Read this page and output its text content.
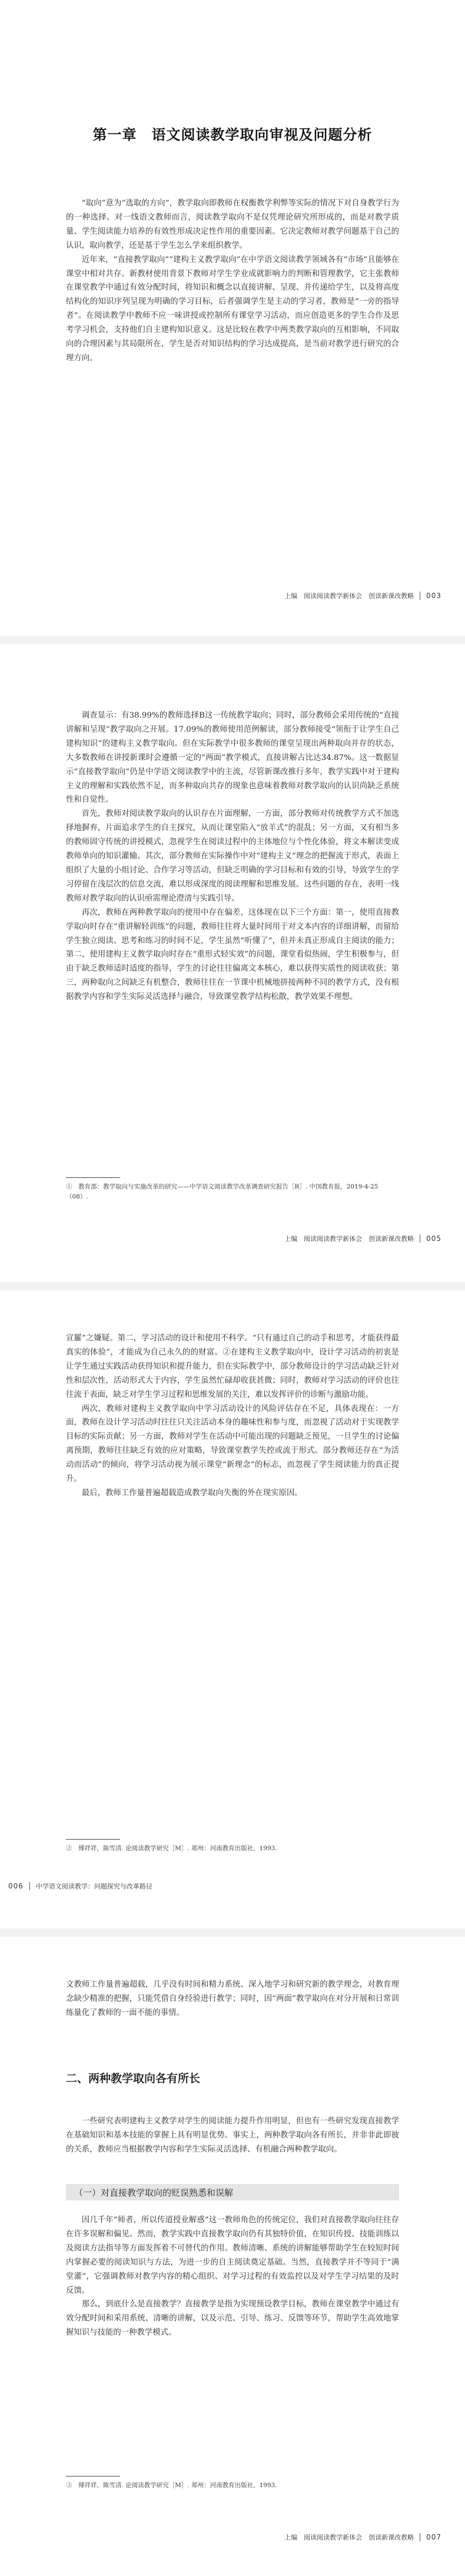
第一章　语文阅读教学取向审视及问题分析

“取向”意为“选取的方向”，教学取向即教师在权衡教学利弊等实际的情况下对自身教学行为的一种选择。对一线语文教师而言，阅读教学取向不是仅凭理论研究所形成的，而是对教学质量、学生阅读能力培养的有效性形成决定性作用的重要因素。它决定教师对教学问题基于自己的认识，取向教学，还是基于学生怎么学来组织教学。

近年来，“直接教学取向”“建构主义教学取向”在中学语文阅读教学领域各有“市场”且能够在课堂中相对共存。新教材使用背景下教师对学生学业成就影响力的判断和管理教学，它主张教师在课堂教学中通过有效分配时间，将知识和概念以直接讲解、呈现、并传递给学生，以及将高度结构化的知识序列呈现为明确的学习目标，后者强调学生是主动的学习者，教师是“一旁的指导者”。在阅读教学中教师不应一味讲授或控制所有课堂学习活动，而应创造更多的学生合作及思考学习机会，支持他们自主建构知识意义。这是比较在教学中两类教学取向的互相影响，不同取向的合理因素与其局限所在，学生是否对知识结构的学习达成提高，是当前对教学进行研究的合理方向。

上编　阅读阅读教学新体会　创读新课改教略 003

调查显示：有38.99%的教师选择B这一传统教学取向；同时，部分教师会采用传统的“直接讲解和呈现”教学取向之开展。17.09%的教师使用范例解读，部分教师接受“领衔于让学生自己建构知识”的建构主义教学取向。但在实际教学中很多教师的课堂呈现出两种取向并存的状态，大多数教师在讲授新课时会遵循一定的“两面”教学模式，直接讲解占比达34.87%。这一数据显示“直接教学取向”仍是中学语文阅读教学中的主流，尽管新课改推行多年，教学实践中对于建构主义的理解和实践依然不足，而多种取向共存的现象也意味着教师对教学取向的认识尚缺乏系统性和自觉性。

首先，教师对阅读教学取向的认识存在片面理解，一方面，部分教师对传统教学方式不加选择地摒弃，片面追求学生的自主探究，从而让课堂陷入“放羊式”的混乱；另一方面，又有相当多的教师固守传统的讲授模式，忽视学生在阅读过程中的主体地位与个性化体验，将文本解读变成教师单向的知识灌输。其次，部分教师在实际操作中对“建构主义”理念的把握流于形式，表面上组织了大量的小组讨论、合作学习等活动，但缺乏明确的学习目标和有效的引导，导致学生的学习停留在浅层次的信息交流，难以形成深度的阅读理解和思维发展。这些问题的存在，表明一线教师对教学取向的认识亟需理论澄清与实践引导。

再次，教师在两种教学取向的使用中存在偏差，这体现在以下三个方面：第一，使用直接教学取向时存在“重讲解轻训练”的问题，教师往往将大量时间用于对文本内容的详细讲解，而留给学生独立阅读、思考和练习的时间不足，学生虽然“听懂了”，但并未真正形成自主阅读的能力；第二，使用建构主义教学取向时存在“重形式轻实效”的问题，课堂看似热闹，学生积极参与，但由于缺乏教师适时适度的指导，学生的讨论往往偏离文本核心，难以获得实质性的阅读收获；第三，两种取向之间缺乏有机整合，教师往往在一节课中机械地拼接两种不同的教学方式，没有根据教学内容和学生实际灵活选择与融合，导致课堂教学结构松散，教学效果不理想。

①　教育部：教学取向与实施改革的研究——中学语文阅读教学改革调查研究报告［R］. 中国教育报，2019-4-25（08）.
上编　阅读阅读教学新体会　创读新课改教略 005

宣羅”之嫌疑。第二，学习活动的设计和使用不科学。“只有通过自己的动手和思考，才能获得最真实的体验”，才能成为自己永久的的财富。②在建构主义教学取向中，设计学习活动的初衷是让学生通过实践活动获得知识和提升能力，但在实际教学中，部分教师设计的学习活动缺乏针对性和层次性，活动形式大于内容，学生虽然忙碌却收获甚微；同时，教师对学习活动的评价也往往流于表面，缺乏对学生学习过程和思维发展的关注，难以发挥评价的诊断与激励功能。

两次，教师对建构主义教学取向中学习活动设计的风险评估存在不足，具体表现在：一方面，教师在设计学习活动时往往只关注活动本身的趣味性和参与度，而忽视了活动对于实现教学目标的实际贡献；另一方面，教师对学生在活动中可能出现的问题缺乏预见，一旦学生的讨论偏离预期，教师往往缺乏有效的应对策略，导致课堂教学失控或流于形式。部分教师还存在“为活动而活动”的倾向，将学习活动视为展示课堂“新理念”的标志，而忽视了学生阅读能力的真正提升。

最后，教师工作量普遍超载造成教学取向失衡的外在现实原因。

②　傅祥祥，陈雪清. 论阅读教学研究［M］. 郑州：河南教育出版社，1993.
006 中学语文阅读教学：问题探究与改革路径

文教师工作量普遍超载，几乎没有时间和精力系统、深入地学习和研究新的教学理念，对教育理念缺少精准的把握，只能凭借自身经验进行教学；同时，因“两面”教学取向在对分开展和日常训练量化了教师的一面不能的事情。

二、两种教学取向各有所长

一些研究表明建构主义教学对学生的阅读能力提升作用明显，但也有一些研究发现直接教学在基础知识和基本技能的掌握上具有明显优势。事实上，两种教学取向各有所长，并非非此即彼的关系，教师应当根据教学内容和学生实际灵活选择、有机融合两种教学取向。

（一）对直接教学取向的贬误熟悉和误解

因几千年“师者，所以传道授业解惑”这一教师角色的传统定位，我们对直接教学取向往往存在许多误解和偏见。然而，教学实践中直接教学取向仍有其独特价值，在知识传授、技能训练以及阅读方法指导等方面发挥着不可替代的作用。教师清晰、系统的讲解能够帮助学生在较短时间内掌握必要的阅读知识与方法，为进一步的自主阅读奠定基础。当然，直接教学并不等同于“满堂灌”，它强调教师对教学内容的精心组织、对学习过程的有效监控以及对学生学习结果的及时反馈。

那么，到底什么是直接教学？直接教学是指为实现预设教学目标，教师在课堂教学中通过有效分配时间和采用系统、清晰的讲解，以及示范、引导、练习、反馈等环节，帮助学生高效地掌握知识与技能的一种教学模式。

③　傅祥祥，陈雪清. 论阅读教学研究［M］. 郑州：河南教育出版社，1993.
上编　阅读阅读教学新体会　创读新课改教略 007
